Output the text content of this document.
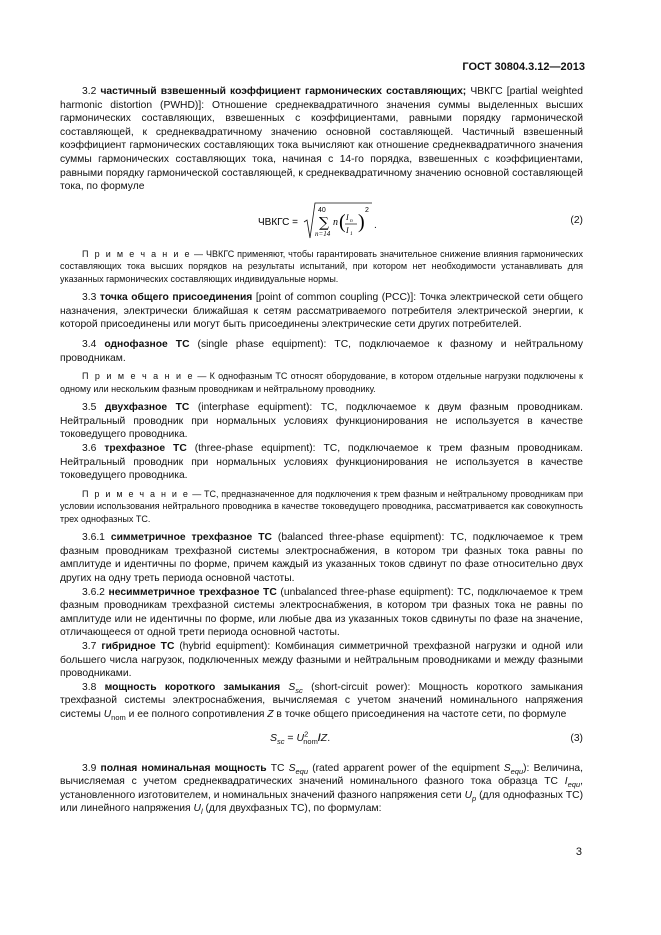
ГОСТ 30804.3.12—2013

3.2 частичный взвешенный коэффициент гармонических составляющих; ЧВКГС [partial weighted harmonic distortion (PWHD)]: Отношение среднеквадратичного значения суммы выделенных высших гармонических составляющих, взвешенных с коэффициентами, равными порядку гармонической составляющей, к среднеквадратичному значению основной составляющей. Частичный взвешенный коэффициент гармонических составляющих тока вычисляют как отношение среднеквадратичного значения суммы гармонических составляющих тока, начиная с 14-го порядка, взвешенных с коэффициентами, равными порядку гармонической составляющей, к среднеквадратичному значению основной составляющей тока, по формуле

ЧВКГС =
40
∑
n=14
n ( I n
I 1
)
2
.	(2)

П р и м е ч а н и е — ЧВКГС применяют, чтобы гарантировать значительное снижение влияния гармонических составляющих тока высших порядков на результаты испытаний, при котором нет необходимости устанавливать для указанных гармонических составляющих индивидуальные нормы.

3.3 точка общего присоединения [point of common coupling (PCC)]: Точка электрической сети общего назначения, электрически ближайшая к сетям рассматриваемого потребителя электрической энергии, к которой присоединены или могут быть присоединены электрические сети других потребителей.

3.4 однофазное ТС (single phase equipment): ТС, подключаемое к фазному и нейтральному проводникам.

П р и м е ч а н и е — К однофазным ТС относят оборудование, в котором отдельные нагрузки подключены к одному или нескольким фазным проводникам и нейтральному проводнику.

3.5 двухфазное ТС (interphase equipment): ТС, подключаемое к двум фазным проводникам. Нейтральный проводник при нормальных условиях функционирования не используется в качестве токоведущего проводника.

3.6 трехфазное ТС (three-phase equipment): ТС, подключаемое к трем фазным проводникам. Нейтральный проводник при нормальных условиях функционирования не используется в качестве токоведущего проводника.

П р и м е ч а н и е — ТС, предназначенное для подключения к трем фазным и нейтральному проводникам при условии использования нейтрального проводника в качестве токоведущего проводника, рассматривается как совокупность трех однофазных ТС.

3.6.1 симметричное трехфазное ТС (balanced three-phase equipment): ТС, подключаемое к трем фазным проводникам трехфазной системы электроснабжения, в котором три фазных тока равны по амплитуде и идентичны по форме, причем каждый из указанных токов сдвинут по фазе относительно двух других на одну треть периода основной частоты.

3.6.2 несимметричное трехфазное ТС (unbalanced three-phase equipment): ТС, подключаемое к трем фазным проводникам трехфазной системы электроснабжения, в котором три фазных тока не равны по амплитуде или не идентичны по форме, или любые два из указанных токов сдвинуты по фазе на значение, отличающееся от одной трети периода основной частоты.

3.7 гибридное ТС (hybrid equipment): Комбинация симметричной трехфазной нагрузки и одной или большего числа нагрузок, подключенных между фазными и нейтральным проводниками и между фазными проводниками.

3.8 мощность короткого замыкания $S_{sc}$ (short-circuit power): Мощность короткого замыкания трехфазной системы электроснабжения, вычисляемая с учетом значений номинального напряжения системы $U_{nom}$ и ее полного сопротивления Z в точке общего присоединения на частоте сети, по формуле

$S_{sc} = U^2_{nom}/Z$.	(3)

3.9 полная номинальная мощность ТС $S_{equ}$ (rated apparent power of the equipment $S_{equ}$): Величина, вычисляемая с учетом среднеквадратических значений номинального фазного тока образца ТС $I_{equ}$, установленного изготовителем, и номинальных значений фазного напряжения сети $U_p$ (для однофазных ТС) или линейного напряжения $U_l$ (для двухфазных ТС), по формулам:

3
